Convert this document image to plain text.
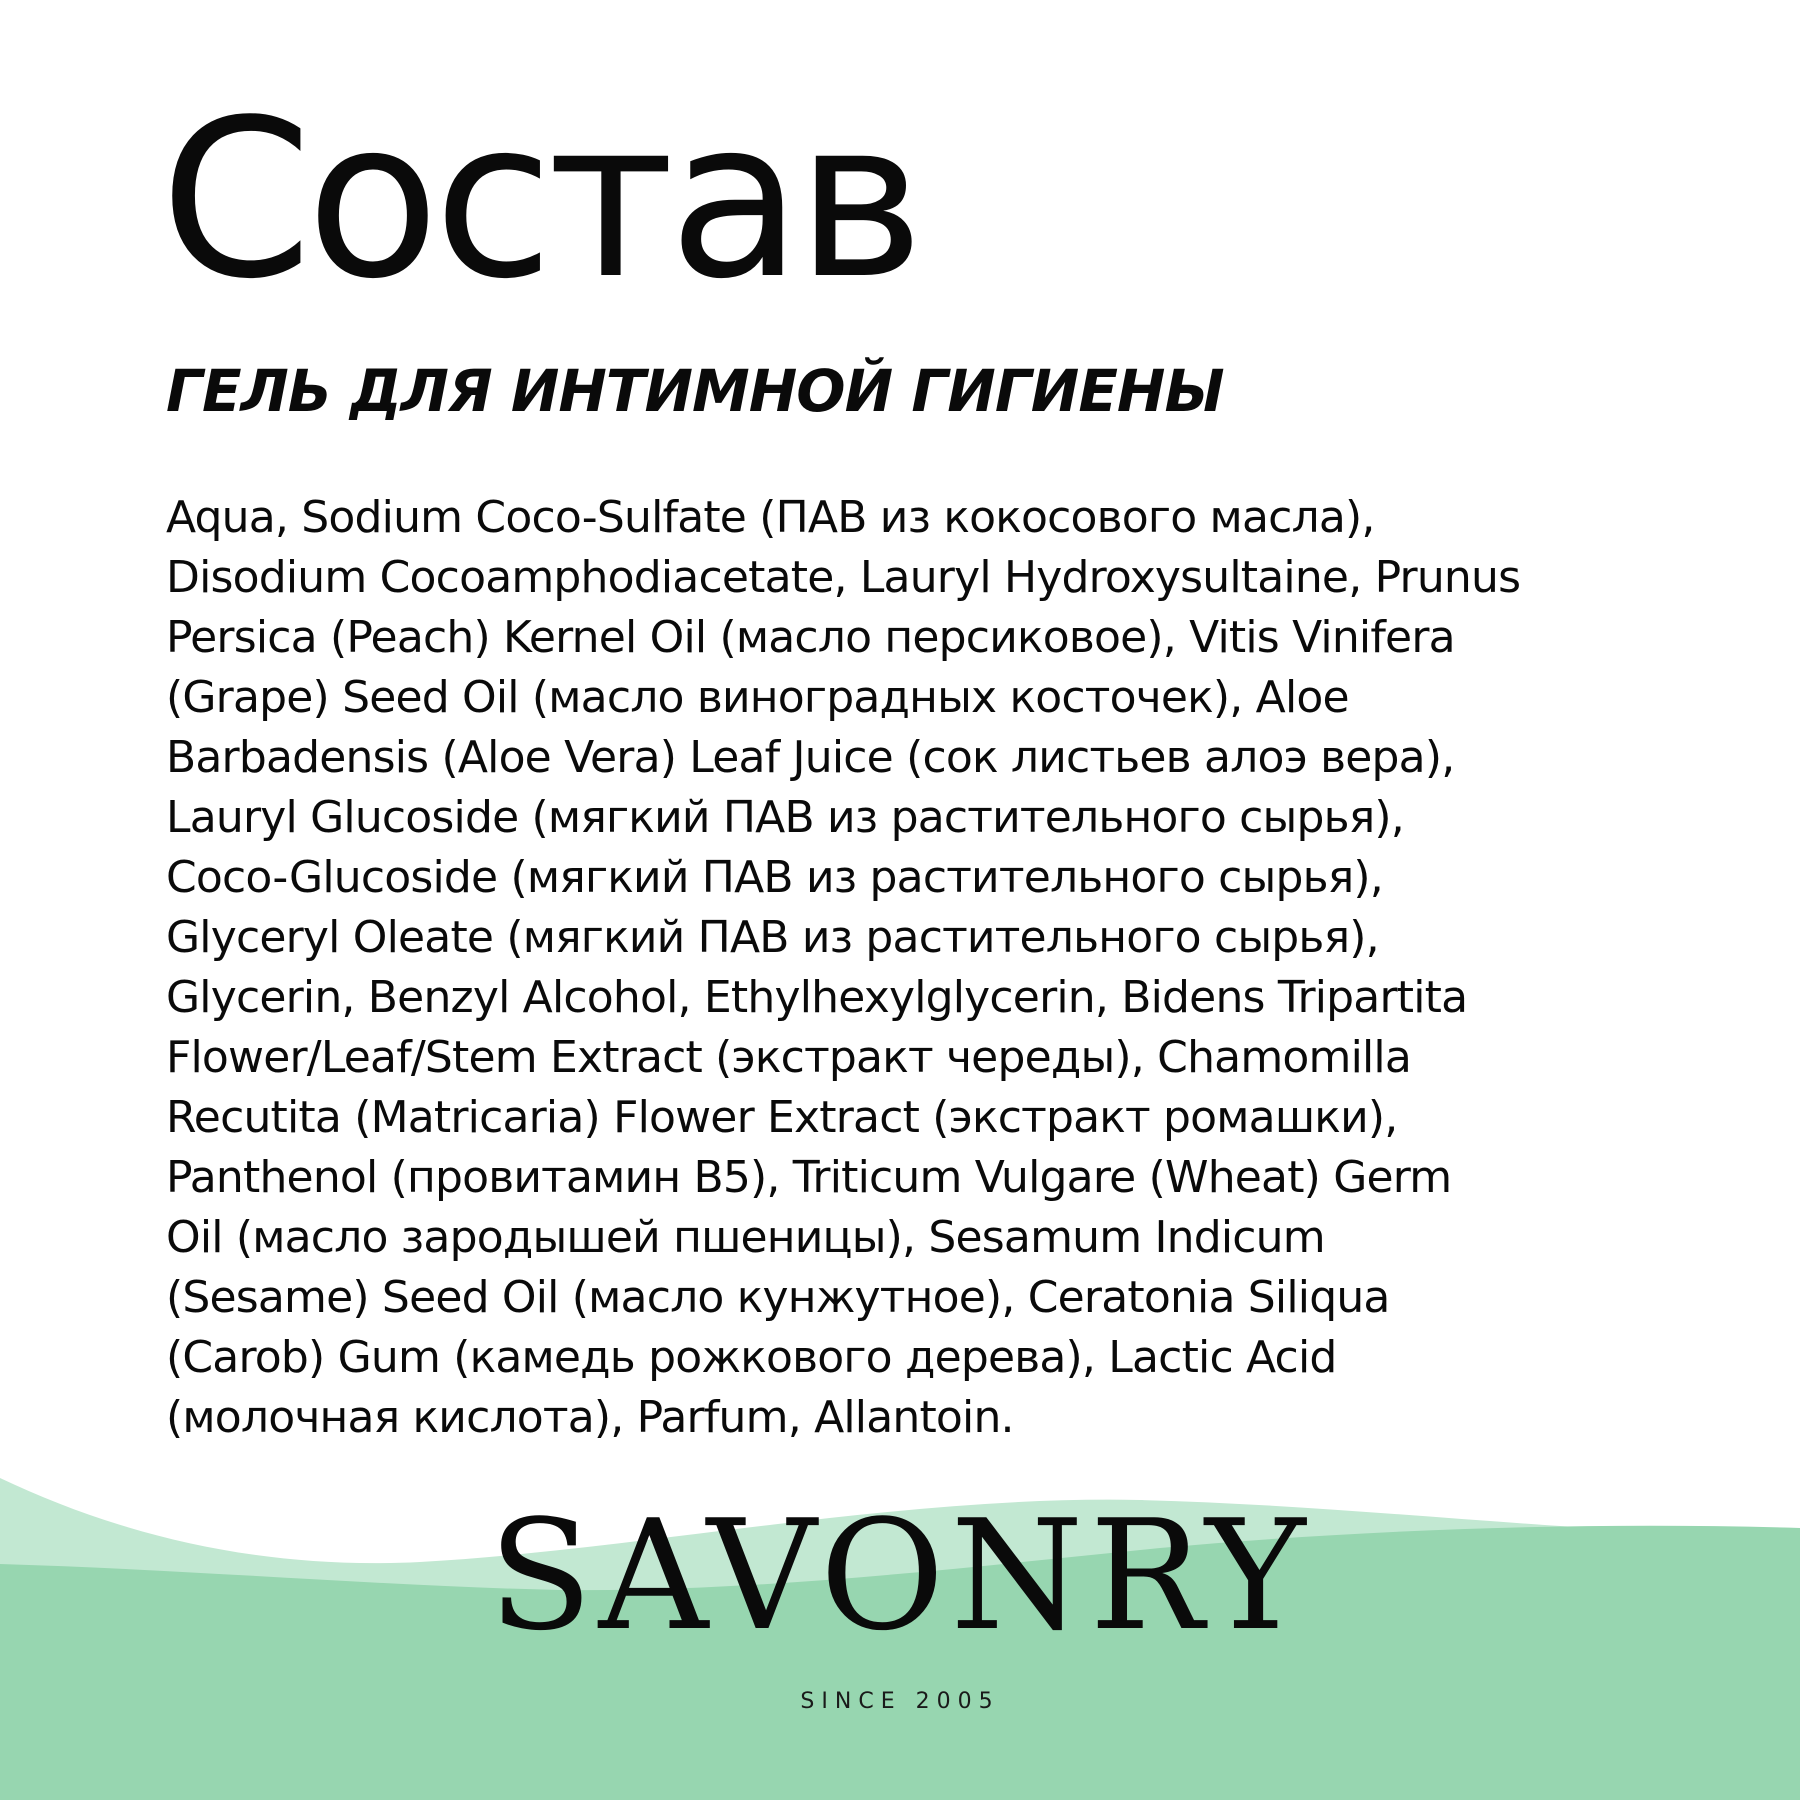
Состав
ГЕЛЬ ДЛЯ ИНТИМНОЙ ГИГИЕНЫ
Aqua, Sodium Coco-Sulfate (ПАВ из кокосового масла),
Disodium Cocoamphodiacetate, Lauryl Hydroxysultaine, Prunus
Persica (Peach) Kernel Oil (масло персиковое), Vitis Vinifera
(Grape) Seed Oil (масло виноградных косточек), Aloe
Barbadensis (Aloe Vera) Leaf Juice (сок листьев алоэ вера),
Lauryl Glucoside (мягкий ПАВ из растительного сырья),
Coco-Glucoside (мягкий ПАВ из растительного сырья),
Glyceryl Oleate (мягкий ПАВ из растительного сырья),
Glycerin, Benzyl Alcohol, Ethylhexylglycerin, Bidens Tripartita
Flower/Leaf/Stem Extract (экстракт череды), Chamomilla
Recutita (Matricaria) Flower Extract (экстракт ромашки),
Panthenol (провитамин B5), Triticum Vulgare (Wheat) Germ
Oil (масло зародышей пшеницы), Sesamum Indicum
(Sesame) Seed Oil (масло кунжутное), Ceratonia Siliqua
(Carob) Gum (камедь рожкового дерева), Lactic Acid
(молочная кислота), Parfum, Allantoin.
SAVONRY
SINCE 2005
